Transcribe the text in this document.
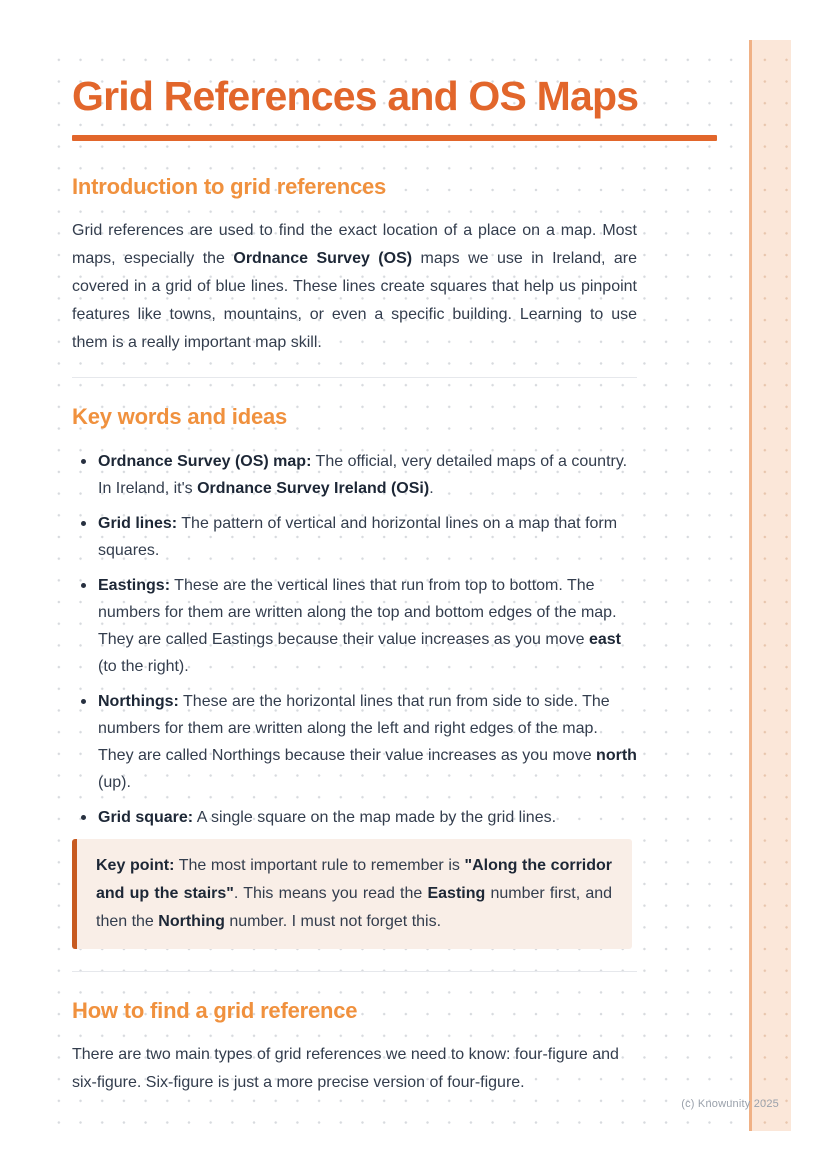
Grid References and OS Maps
Introduction to grid references

Grid references are used to find the exact location of a place on a map. Most maps, especially the Ordnance Survey (OS) maps we use in Ireland, are covered in a grid of blue lines. These lines create squares that help us pinpoint features like towns, mountains, or even a specific building. Learning to use them is a really important map skill.

Key words and ideas
Ordnance Survey (OS) map: The official, very detailed maps of a country. In Ireland, it's Ordnance Survey Ireland (OSi).
Grid lines: The pattern of vertical and horizontal lines on a map that form squares.
Eastings: These are the vertical lines that run from top to bottom. The numbers for them are written along the top and bottom edges of the map. They are called Eastings because their value increases as you move east (to the right).
Northings: These are the horizontal lines that run from side to side. The numbers for them are written along the left and right edges of the map. They are called Northings because their value increases as you move north (up).
Grid square: A single square on the map made by the grid lines.
Key point: The most important rule to remember is "Along the corridor and up the stairs". This means you read the Easting number first, and then the Northing number. I must not forget this.
How to find a grid reference

There are two main types of grid references we need to know: four-figure and six-figure. Six-figure is just a more precise version of four-figure.

(c) Knowunity 2025
